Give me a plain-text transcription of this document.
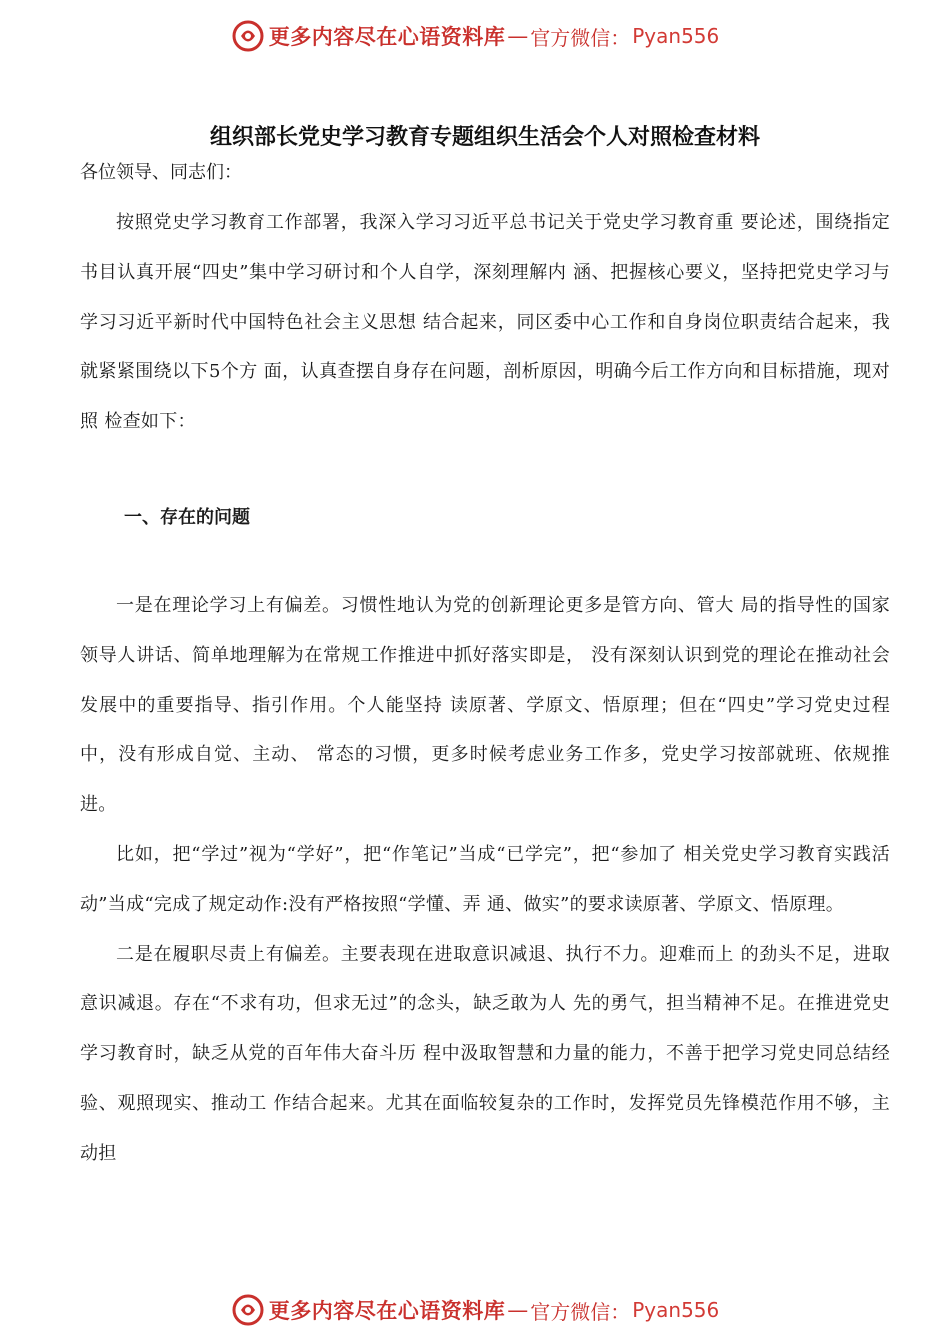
更多内容尽在心语资料库 — 官方微信： Pyan556
组织部长党史学习教育专题组织生活会个人对照检查材料
各位领导、同志们：

按照党史学习教育工作部署，我深入学习习近平总书记关于党史学习教育重 要论述，围绕指定书目认真开展“四史”集中学习研讨和个人自学，深刻理解内 涵、把握核心要义，坚持把党史学习与学习习近平新时代中国特色社会主义思想 结合起来，同区委中心工作和自身岗位职责结合起来，我就紧紧围绕以下5个方 面，认真查摆自身存在问题，剖析原因，明确今后工作方向和目标措施，现对照 检查如下：

一、存在的问题

一是在理论学习上有偏差。习惯性地认为党的创新理论更多是管方向、管大 局的指导性的国家领导人讲话、简单地理解为在常规工作推进中抓好落实即是， 没有深刻认识到党的理论在推动社会发展中的重要指导、指引作用。个人能坚持 读原著、学原文、悟原理；但在“四史”学习党史过程中，没有形成自觉、主动、 常态的习惯，更多时候考虑业务工作多，党史学习按部就班、依规推进。

比如，把“学过”视为“学好”，把“作笔记”当成“已学完”，把“参加了 相关党史学习教育实践活动”当成“完成了规定动作:没有严格按照“学懂、弄 通、做实”的要求读原著、学原文、悟原理。

二是在履职尽责上有偏差。主要表现在进取意识减退、执行不力。迎难而上 的劲头不足，进取意识减退。存在“不求有功，但求无过”的念头，缺乏敢为人 先的勇气，担当精神不足。在推进党史学习教育时，缺乏从党的百年伟大奋斗历 程中汲取智慧和力量的能力，不善于把学习党史同总结经验、观照现实、推动工 作结合起来。尤其在面临较复杂的工作时，发挥党员先锋模范作用不够，主动担

更多内容尽在心语资料库 — 官方微信： Pyan556
